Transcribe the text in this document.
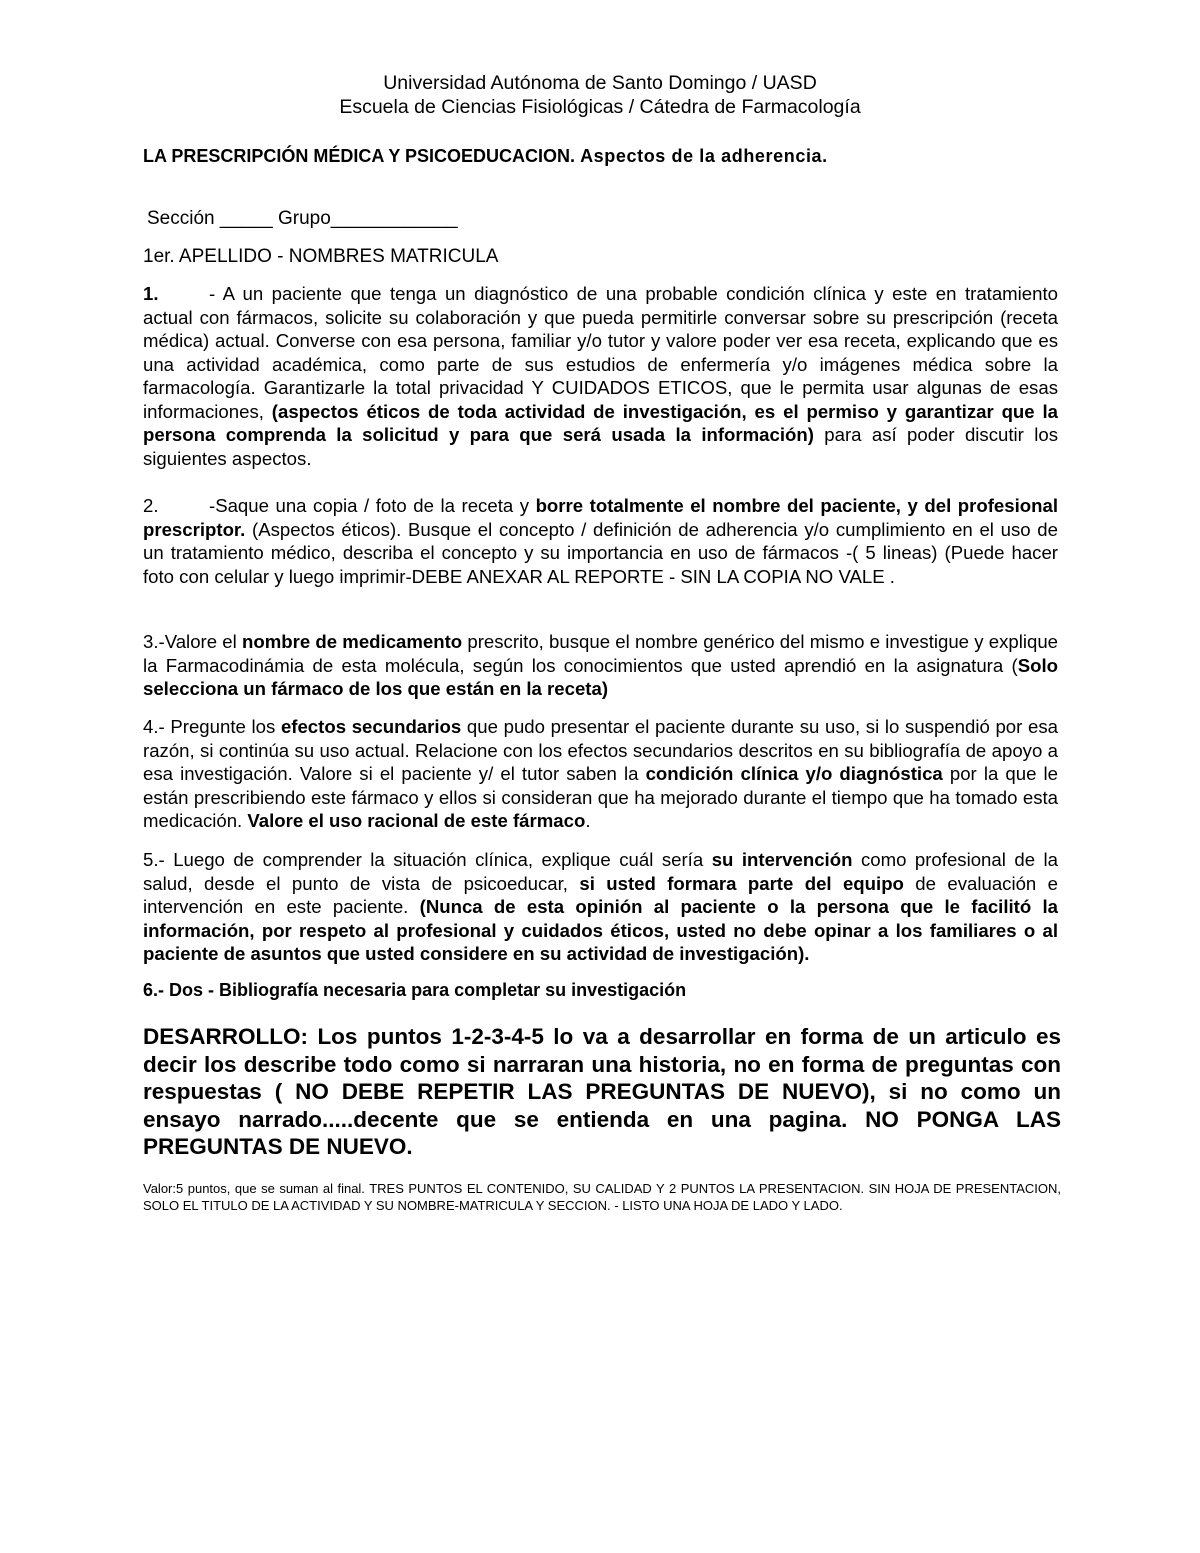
Universidad Autónoma de Santo Domingo / UASD
Escuela de Ciencias Fisiológicas / Cátedra de Farmacología
LA PRESCRIPCIÓN MÉDICA Y PSICOEDUCACION. Aspectos de la adherencia.
Sección _____ Grupo____________
1er. APELLIDO - NOMBRES MATRICULA

1.	- A un paciente que tenga un diagnóstico de una probable condición clínica y este en tratamiento actual con fármacos, solicite su colaboración y que pueda permitirle conversar sobre su prescripción (receta médica) actual. Converse con esa persona, familiar y/o tutor y valore poder ver esa receta, explicando que es una actividad académica, como parte de sus estudios de enfermería y/o imágenes médica sobre la farmacología. Garantizarle la total privacidad Y CUIDADOS ETICOS, que le permita usar algunas de esas informaciones, (aspectos éticos de toda actividad de investigación, es el permiso y garantizar que la persona comprenda la solicitud y para que será usada la información) para así poder discutir los siguientes aspectos.

2.	-Saque una copia / foto de la receta y borre totalmente el nombre del paciente, y del profesional prescriptor. (Aspectos éticos). Busque el concepto / definición de adherencia y/o cumplimiento en el uso de un tratamiento médico, describa el concepto y su importancia en uso de fármacos -( 5 lineas) (Puede hacer foto con celular y luego imprimir-DEBE ANEXAR AL REPORTE - SIN LA COPIA NO VALE .

3.-Valore el nombre de medicamento prescrito, busque el nombre genérico del mismo e investigue y explique la Farmacodinámia de esta molécula, según los conocimientos que usted aprendió en la asignatura (Solo selecciona un fármaco de los que están en la receta)

4.- Pregunte los efectos secundarios que pudo presentar el paciente durante su uso, si lo suspendió por esa razón, si continúa su uso actual. Relacione con los efectos secundarios descritos en su bibliografía de apoyo a esa investigación. Valore si el paciente y/ el tutor saben la condición clínica y/o diagnóstica por la que le están prescribiendo este fármaco y ellos si consideran que ha mejorado durante el tiempo que ha tomado esta medicación. Valore el uso racional de este fármaco.

5.- Luego de comprender la situación clínica, explique cuál sería su intervención como profesional de la salud, desde el punto de vista de psicoeducar, si usted formara parte del equipo de evaluación e intervención en este paciente. (Nunca de esta opinión al paciente o la persona que le facilitó la información, por respeto al profesional y cuidados éticos, usted no debe opinar a los familiares o al paciente de asuntos que usted considere en su actividad de investigación).

6.- Dos - Bibliografía necesaria para completar su investigación

DESARROLLO: Los puntos 1-2-3-4-5 lo va a desarrollar en forma de un articulo es decir los describe todo como si narraran una historia, no en forma de preguntas con respuestas ( NO DEBE REPETIR LAS PREGUNTAS DE NUEVO), si no como un ensayo narrado.....decente que se entienda en una pagina. NO PONGA LAS PREGUNTAS DE NUEVO.

Valor:5 puntos, que se suman al final. TRES PUNTOS EL CONTENIDO, SU CALIDAD Y 2 PUNTOS LA PRESENTACION. SIN HOJA DE PRESENTACION, SOLO EL TITULO DE LA ACTIVIDAD Y SU NOMBRE-MATRICULA Y SECCION. - LISTO UNA HOJA DE LADO Y LADO.
